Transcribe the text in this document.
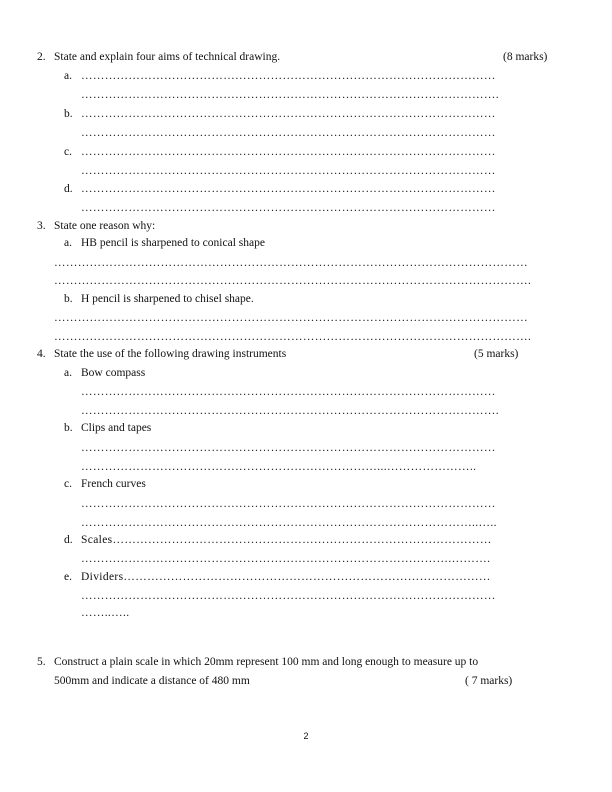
2. State and explain four aims of technical drawing.	(8 marks)
a. ……………………………………………………………………………………………
…………………………………………………………………………………………….
b. ……………………………………………………………………………………………
……………………………………………………………………………………………
c. ……………………………………………………………………………………………
……………………………………………………………………………………………
d. ……………………………………………………………………………………………
……………………………………………………………………………………………
3. State one reason why:
a. HB pencil is sharpened to conical shape
…………………………………………………………………………………………………………
………………………………………………………………………………………………………….
b. H pencil is sharpened to chisel shape.
…………………………………………………………………………………………………………
………………………………………………………………………………………………………….
4. State the use of the following drawing instruments	(5 marks)
a. Bow compass
……………………………………………………………………………………………
…………………………………………………………………………………………….
b. Clips and tapes
……………………………………………………………………………………………
…………………………………………………………………...…………………..
c. French curves
……………………………………………………………………………………………
………………………………………………………………………………………..…..
d. Scales……………………………………………………………………………………
………………………………………………………………………………….……….
e. Dividers…………………………………………………………………………………
……………………………………………………………………………………………
……..…..
5. Construct a plain scale in which 20mm represent 100 mm and long enough to measure up to
500mm and indicate a distance of 480 mm	( 7 marks)
2
